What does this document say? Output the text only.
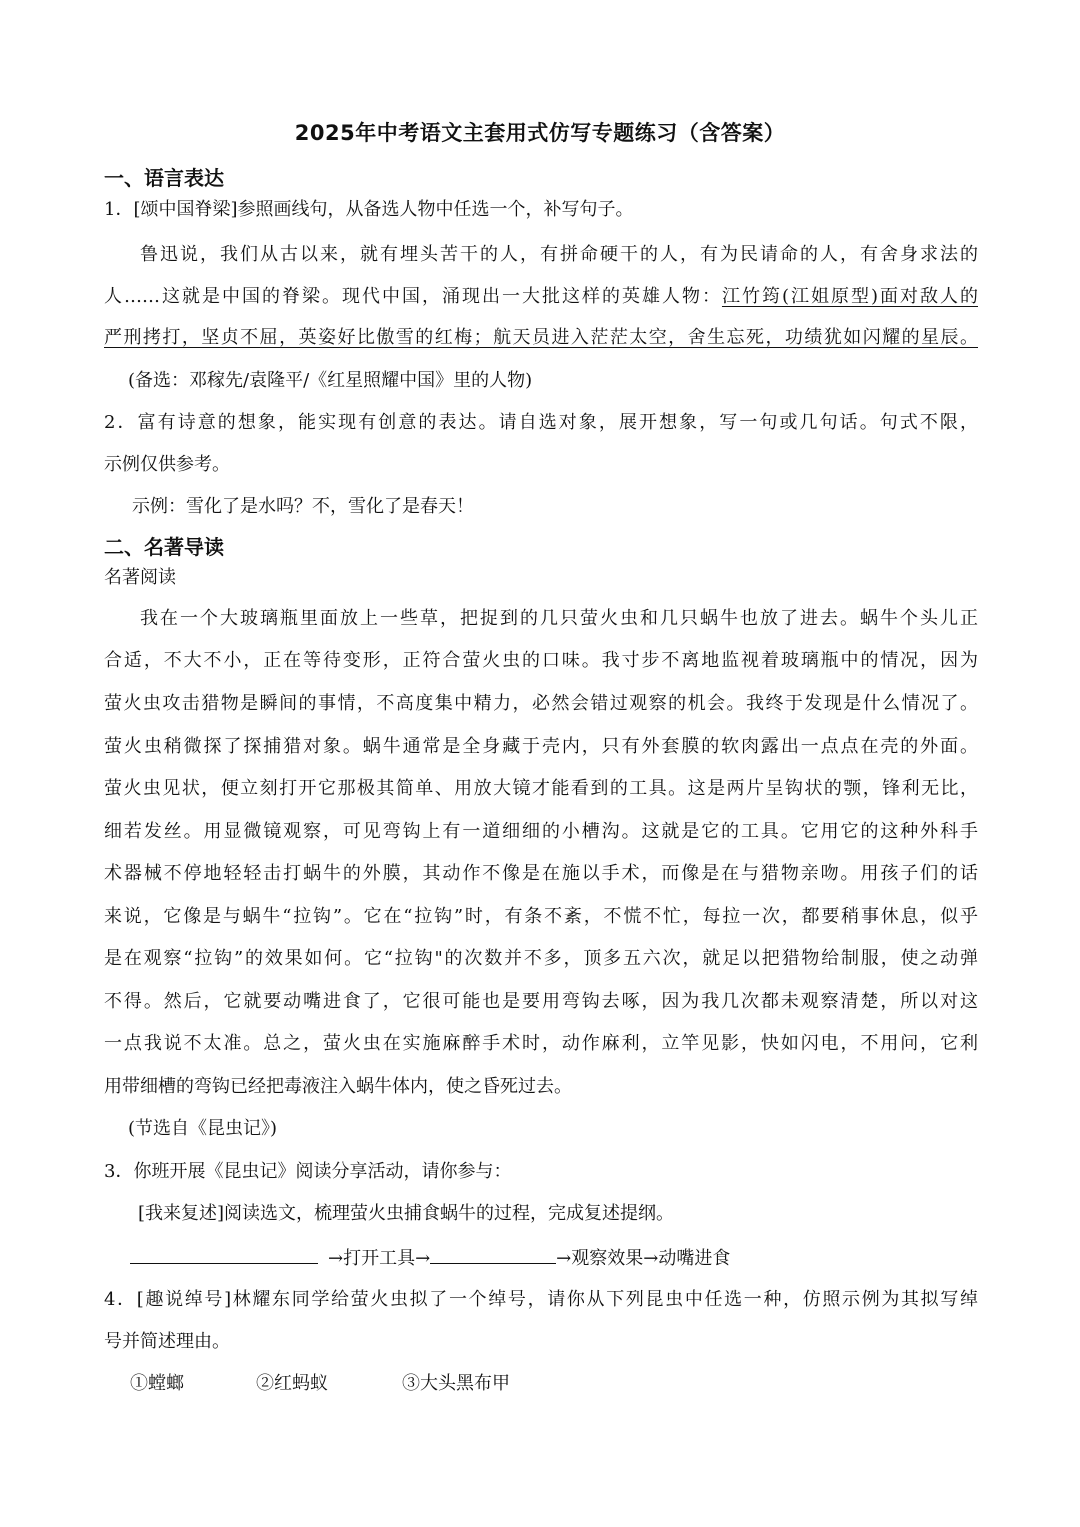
2025年中考语文主套用式仿写专题练习（含答案）
一、语言表达
1．[颂中国脊梁]参照画线句，从备选人物中任选一个，补写句子。
鲁迅说，我们从古以来，就有埋头苦干的人，有拼命硬干的人，有为民请命的人，有舍身求法的
人……这就是中国的脊梁。现代中国，涌现出一大批这样的英雄人物：江竹筠(江姐原型)面对敌人的
严刑拷打，坚贞不屈，英姿好比傲雪的红梅；航天员进入茫茫太空，舍生忘死，功绩犹如闪耀的星辰。
(备选：邓稼先/袁隆平/《红星照耀中国》里的人物)
2．富有诗意的想象，能实现有创意的表达。请自选对象，展开想象，写一句或几句话。句式不限，
示例仅供参考。
示例：雪化了是水吗？不，雪化了是春天！
二、名著导读
名著阅读
我在一个大玻璃瓶里面放上一些草，把捉到的几只萤火虫和几只蜗牛也放了进去。蜗牛个头儿正
合适，不大不小，正在等待变形，正符合萤火虫的口味。我寸步不离地监视着玻璃瓶中的情况，因为
萤火虫攻击猎物是瞬间的事情，不高度集中精力，必然会错过观察的机会。我终于发现是什么情况了。
萤火虫稍微探了探捕猎对象。蜗牛通常是全身藏于壳内，只有外套膜的软肉露出一点点在壳的外面。
萤火虫见状，便立刻打开它那极其简单、用放大镜才能看到的工具。这是两片呈钩状的颚，锋利无比，
细若发丝。用显微镜观察，可见弯钩上有一道细细的小槽沟。这就是它的工具。它用它的这种外科手
术器械不停地轻轻击打蜗牛的外膜，其动作不像是在施以手术，而像是在与猎物亲吻。用孩子们的话
来说，它像是与蜗牛“拉钩”。它在“拉钩”时，有条不紊，不慌不忙，每拉一次，都要稍事休息，似乎
是在观察“拉钩”的效果如何。它“拉钩"的次数并不多，顶多五六次，就足以把猎物给制服，使之动弹
不得。然后，它就要动嘴进食了，它很可能也是要用弯钩去啄，因为我几次都未观察清楚，所以对这
一点我说不太准。总之，萤火虫在实施麻醉手术时，动作麻利，立竿见影，快如闪电，不用问，它利
用带细槽的弯钩已经把毒液注入蜗牛体内，使之昏死过去。
(节选自《昆虫记》)
3．你班开展《昆虫记》阅读分享活动，请你参与：
[我来复述]阅读选文，梳理萤火虫捕食蜗牛的过程，完成复述提纲。
→打开工具→	→观察效果→动嘴进食
4．[趣说绰号]林耀东同学给萤火虫拟了一个绰号，请你从下列昆虫中任选一种，仿照示例为其拟写绰
号并简述理由。
①螳螂	②红蚂蚁	③大头黑布甲
